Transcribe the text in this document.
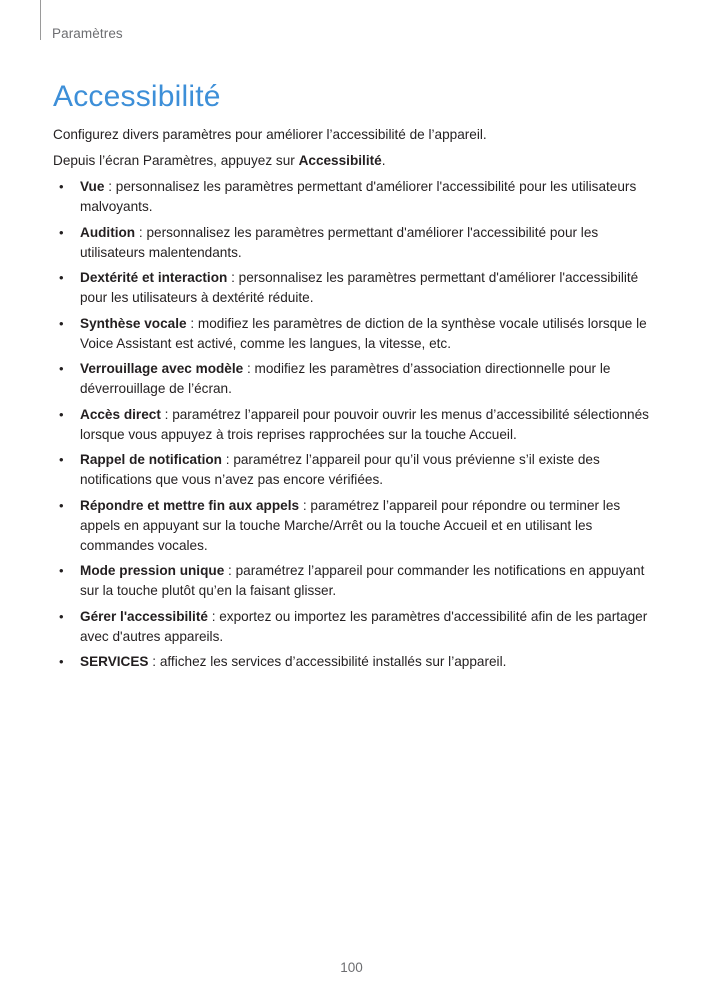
Paramètres
Accessibilité

Configurez divers paramètres pour améliorer l’accessibilité de l’appareil.

Depuis l’écran Paramètres, appuyez sur Accessibilité.

• Vue : personnalisez les paramètres permettant d'améliorer l'accessibilité pour les utilisateurs malvoyants.
• Audition : personnalisez les paramètres permettant d'améliorer l'accessibilité pour les utilisateurs malentendants.
• Dextérité et interaction : personnalisez les paramètres permettant d'améliorer l'accessibilité pour les utilisateurs à dextérité réduite.
• Synthèse vocale : modifiez les paramètres de diction de la synthèse vocale utilisés lorsque le Voice Assistant est activé, comme les langues, la vitesse, etc.
• Verrouillage avec modèle : modifiez les paramètres d’association directionnelle pour le déverrouillage de l’écran.
• Accès direct : paramétrez l’appareil pour pouvoir ouvrir les menus d’accessibilité sélectionnés lorsque vous appuyez à trois reprises rapprochées sur la touche Accueil.
• Rappel de notification : paramétrez l’appareil pour qu’il vous prévienne s’il existe des notifications que vous n’avez pas encore vérifiées.
• Répondre et mettre fin aux appels : paramétrez l’appareil pour répondre ou terminer les appels en appuyant sur la touche Marche/Arrêt ou la touche Accueil et en utilisant les commandes vocales.
• Mode pression unique : paramétrez l’appareil pour commander les notifications en appuyant sur la touche plutôt qu’en la faisant glisser.
• Gérer l'accessibilité : exportez ou importez les paramètres d'accessibilité afin de les partager avec d'autres appareils.
• SERVICES : affichez les services d’accessibilité installés sur l’appareil.
100
